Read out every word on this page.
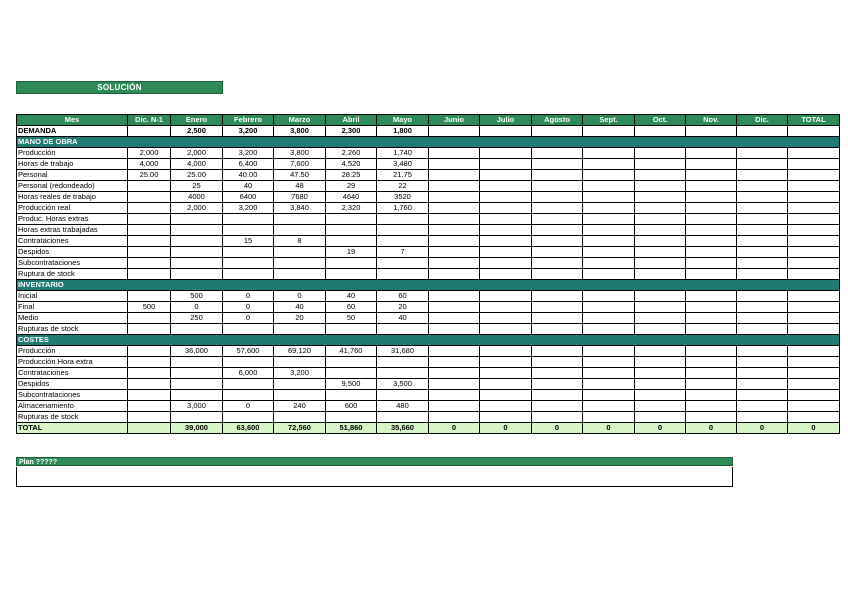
SOLUCIÓN
Mes	Dic. N-1	Enero	Febrero	Marzo	Abril	Mayo	Junio	Julio	Agosto	Sept.	Oct.	Nov.	Dic.	TOTAL
DEMANDA		2,500	3,200	3,800	2,300	1,800								
MANO DE OBRA														
Producción	2,000	2,000	3,200	3,800	2,260	1,740								
Horas de trabajo	4,000	4,000	6,400	7,600	4,520	3,480								
Personal	25.00	25.00	40.00	47.50	28.25	21.75								
Personal (redondeado)		25	40	48	29	22								
Horas reales de trabajo		4000	6400	7680	4640	3520								
Producción real		2,000	3,200	3,840	2,320	1,760								
Produc. Horas extras														
Horas extras trabajadas														
Contrataciones			15	8										
Despidos					19	7								
Subcontrataciones														
Ruptura de stock														
INVENTARIO														
Inicial		500	0	0	40	60								
Final	500	0	0	40	60	20								
Medio		250	0	20	50	40								
Rupturas de stock														
COSTES														
Producción		36,000	57,600	69,120	41,760	31,680								
Producción Hora extra														
Contrataciones			6,000	3,200										
Despidos					9,500	3,500								
Subcontrataciones														
Almacenamiento		3,000	0	240	600	480								
Rupturas de stock														
TOTAL		39,000	63,600	72,560	51,860	35,660	0	0	0	0	0	0	0	0
Plan ?????
